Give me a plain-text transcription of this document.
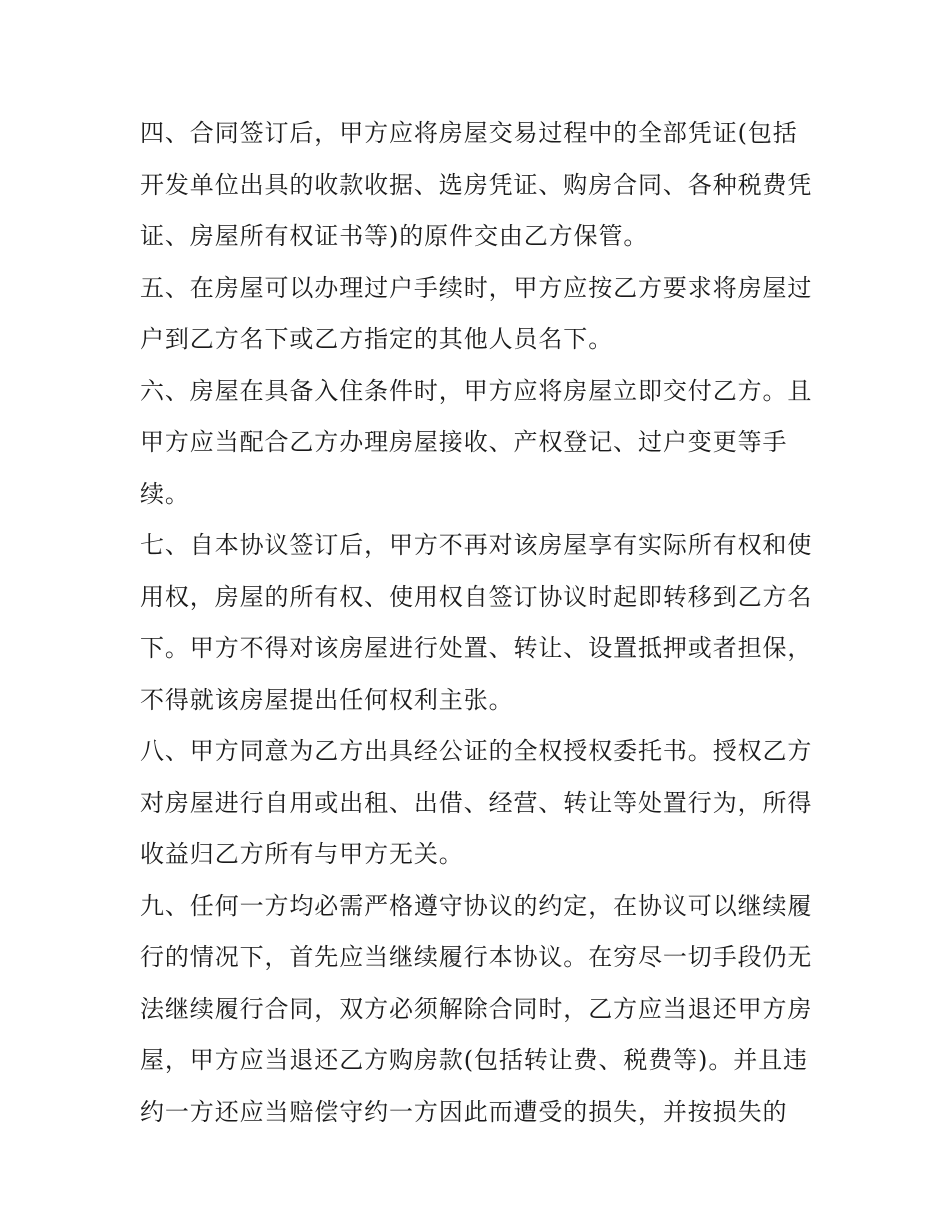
四、合同签订后，甲方应将房屋交易过程中的全部凭证(包括
开发单位出具的收款收据、选房凭证、购房合同、各种税费凭
证、房屋所有权证书等)的原件交由乙方保管。
五、在房屋可以办理过户手续时，甲方应按乙方要求将房屋过
户到乙方名下或乙方指定的其他人员名下。
六、房屋在具备入住条件时，甲方应将房屋立即交付乙方。且
甲方应当配合乙方办理房屋接收、产权登记、过户变更等手
续。
七、自本协议签订后，甲方不再对该房屋享有实际所有权和使
用权，房屋的所有权、使用权自签订协议时起即转移到乙方名
下。甲方不得对该房屋进行处置、转让、设置抵押或者担保，
不得就该房屋提出任何权利主张。
八、甲方同意为乙方出具经公证的全权授权委托书。授权乙方
对房屋进行自用或出租、出借、经营、转让等处置行为，所得
收益归乙方所有与甲方无关。
九、任何一方均必需严格遵守协议的约定，在协议可以继续履
行的情况下，首先应当继续履行本协议。在穷尽一切手段仍无
法继续履行合同，双方必须解除合同时，乙方应当退还甲方房
屋，甲方应当退还乙方购房款(包括转让费、税费等)。并且违
约一方还应当赔偿守约一方因此而遭受的损失，并按损失的
